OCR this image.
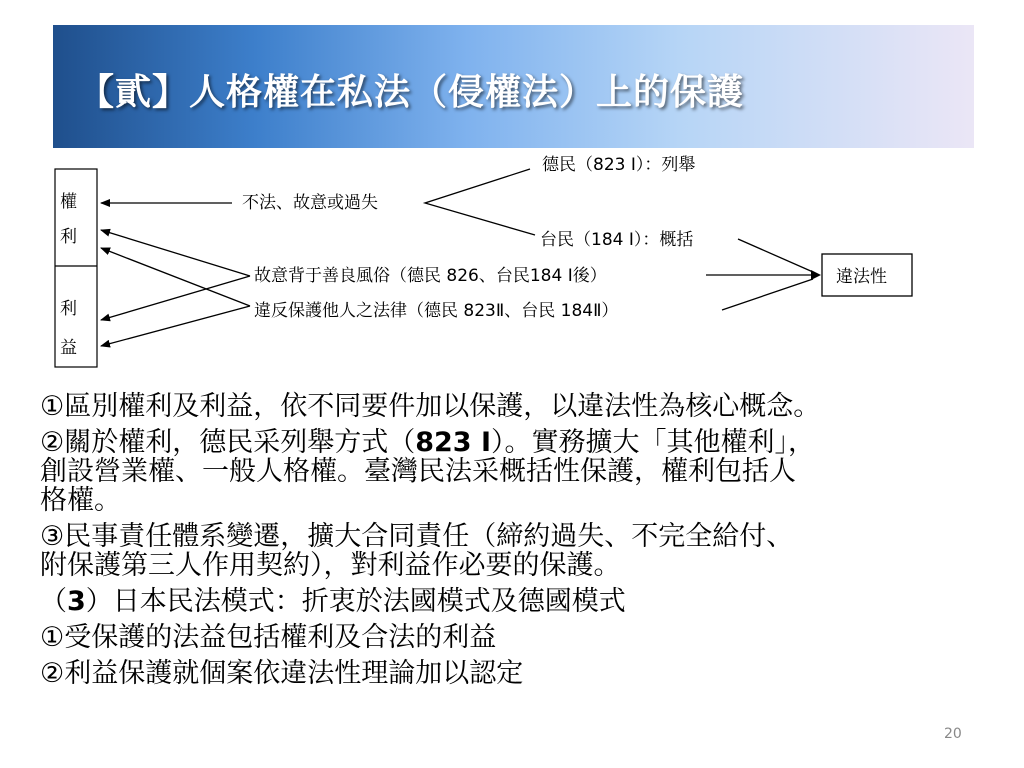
【貳】人格權在私法（侵權法）上的保護
權
利
利
益
不法、故意或過失
德民（823 Ⅰ）：列舉
台民（184 Ⅰ）：概括
故意背于善良風俗（德民 826、台民184 Ⅰ後）
違反保護他人之法律（德民 823Ⅱ、台民 184Ⅱ）
違法性
①區別權利及利益，依不同要件加以保護，以違法性為核心概念。
②關於權利，德民采列舉方式（823 I）。實務擴大「其他權利」，
創設營業權、一般人格權。臺灣民法采概括性保護，權利包括人
格權。
③民事責任體系變遷，擴大合同責任（締約過失、不完全給付、
附保護第三人作用契約），對利益作必要的保護。
（3）日本民法模式：折衷於法國模式及德國模式
①受保護的法益包括權利及合法的利益
②利益保護就個案依違法性理論加以認定
20
